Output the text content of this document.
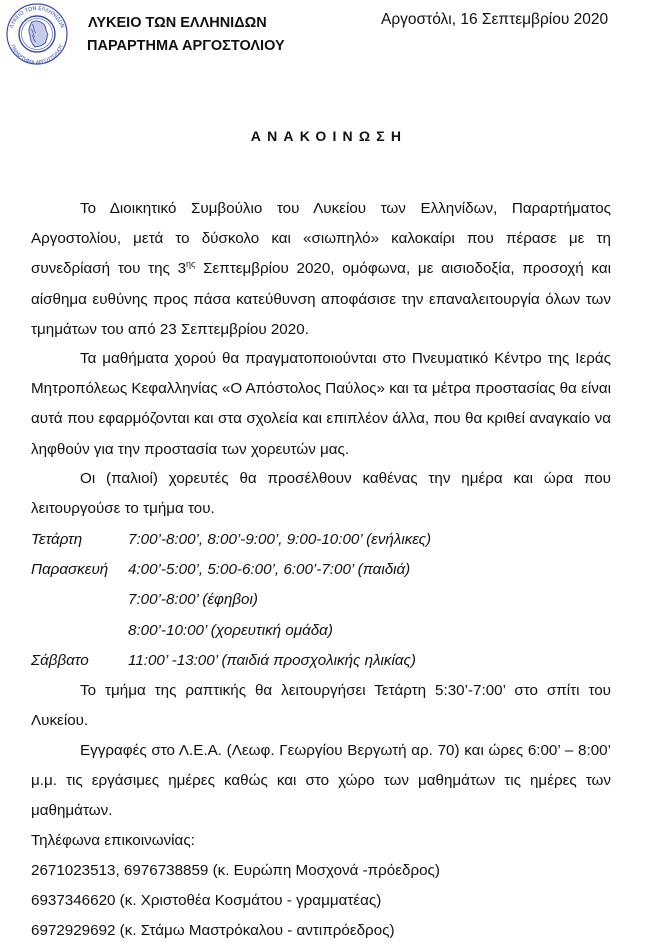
ΛΥΚΕΙΟ ΤΩΝ ΕΛΛΗΝΙΔΩΝ
ΠΑΡΑΡΤΗΜΑ ΑΡΓΟΣΤΟΛΙΟΥ
ΛΥΚΕΙΟ ΤΩΝ ΕΛΛΗΝΙΔΩΝ
ΠΑΡΑΡΤΗΜΑ ΑΡΓΟΣΤΟΛΙΟΥ
Αργοστόλι, 16 Σεπτεμβρίου 2020
ΑΝΑΚΟΙΝΩΣΗ
Το Διοικητικό Συμβούλιο του Λυκείου των Ελληνίδων, Παραρτήματος Αργοστολίου, μετά το δύσκολο και «σιωπηλό» καλοκαίρι που πέρασε με τη συνεδρίασή του της $3^{\eta\varsigma}$ Σεπτεμβρίου 2020, ομόφωνα, με αισιοδοξία, προσοχή και αίσθημα ευθύνης προς πάσα κατεύθυνση αποφάσισε την επαναλειτουργία όλων των τμημάτων του από 23 Σεπτεμβρίου 2020.
Τα μαθήματα χορού θα πραγματοποιούνται στο Πνευματικό Κέντρο της Ιεράς Μητροπόλεως Κεφαλληνίας «Ο Απόστολος Παύλος» και τα μέτρα προστασίας θα είναι αυτά που εφαρμόζονται και στα σχολεία και επιπλέον άλλα, που θα κριθεί αναγκαίο να ληφθούν για την προστασία των χορευτών μας.
Οι (παλιοί) χορευτές θα προσέλθουν καθένας την ημέρα και ώρα που λειτουργούσε το τμήμα του.
Τετάρτη	7:00’-8:00’, 8:00’-9:00’, 9:00-10:00’ (ενήλικες)
Παρασκευή	4:00’-5:00’, 5:00-6:00’, 6:00’-7:00’ (παιδιά)
7:00’-8:00’ (έφηβοι)
8:00’-10:00’ (χορευτική ομάδα)
Σάββατο	11:00’ -13:00’ (παιδιά προσχολικής ηλικίας)
Το τμήμα της ραπτικής θα λειτουργήσει Τετάρτη 5:30’-7:00’ στο σπίτι του Λυκείου.
Εγγραφές στο Λ.Ε.Α. (Λεωφ. Γεωργίου Βεργωτή αρ. 70) και ώρες 6:00’ – 8:00’ μ.μ. τις εργάσιμες ημέρες καθώς και στο χώρο των μαθημάτων τις ημέρες των μαθημάτων.
Τηλέφωνα επικοινωνίας:
2671023513, 6976738859 (κ. Ευρώπη Μοσχονά -πρόεδρος)
6937346620 (κ. Χριστοθέα Κοσμάτου - γραμματέας)
6972929692 (κ. Στάμω Μαστρόκαλου - αντιπρόεδρος)
